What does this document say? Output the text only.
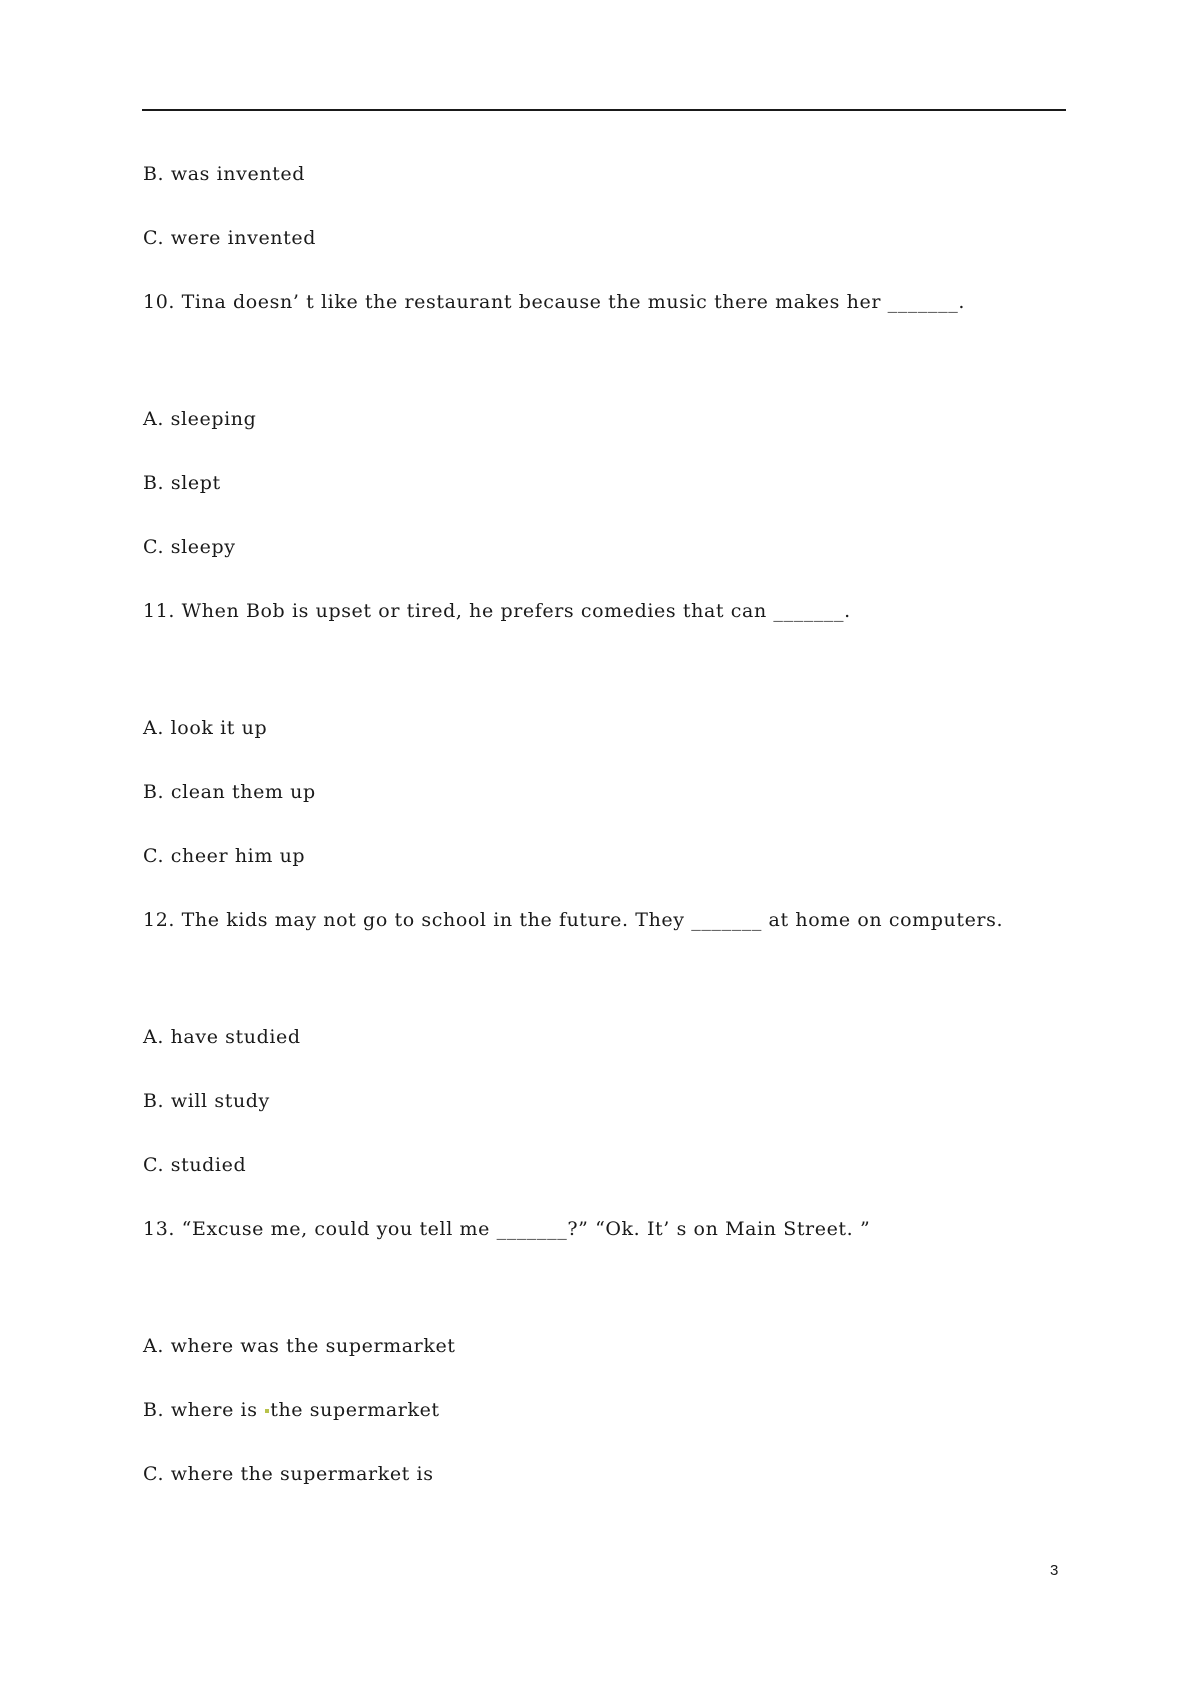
B. was invented
C. were invented
10. Tina doesn’ t like the restaurant because the music there makes her _______.
A. sleeping
B. slept
C. sleepy
11. When Bob is upset or tired, he prefers comedies that can _______.
A. look it up
B. clean them up
C. cheer him up
12. The kids may not go to school in the future. They _______ at home on computers.
A. have studied
B. will study
C. studied
13. “Excuse me, could you tell me _______?” “Ok. It’ s on Main Street. ”
A. where was the supermarket
B. where is the supermarket
C. where the supermarket is
3
